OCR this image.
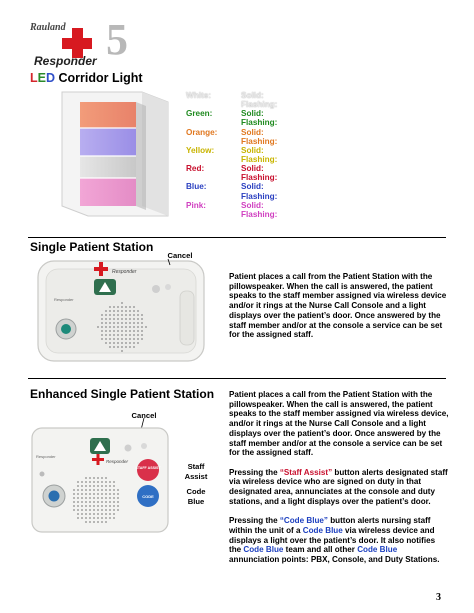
Rauland
Responder 5
LED Corridor Light
White:	Solid:
Flashing:
Green:	Solid:
Flashing:
Orange:	Solid:
Flashing:
Yellow:	Solid:
Flashing:
Red:	Solid:
Flashing:
Blue:	Solid:
Flashing:
Pink:	Solid:
Flashing:
Single Patient Station
Cancel
Responder
Responder
Patient places a call from the Patient Station with the pillowspeaker. When the call is answered, the patient speaks to the staff member assigned via wireless device and/or it rings at the Nurse Call Console and a light displays over the patient’s door. Once answered by the staff member and/or at the console a service can be set for the assigned staff.
Enhanced Single Patient Station
Cancel
Staff Assist
Code Blue
Responder
Responder
STAFF ASSIST
CODE

Patient places a call from the Patient Station with the pillowspeaker. When the call is answered, the patient speaks to the staff member assigned via wireless device, and/or it rings at the Nurse Call Console and a light displays over the patient’s door. Once answered by the staff member and/or at the console a service can be set for the assigned staff.

Pressing the “Staff Assist” button alerts designated staff via wireless device who are signed on duty in that designated area, annunciates at the console and duty stations, and a light displays over the patient’s door.

Pressing the “Code Blue” button alerts nursing staff within the unit of a Code Blue via wireless device and displays a light over the patient’s door. It also notifies the Code Blue team and all other Code Blue annunciation points: PBX, Console, and Duty Stations.

3
